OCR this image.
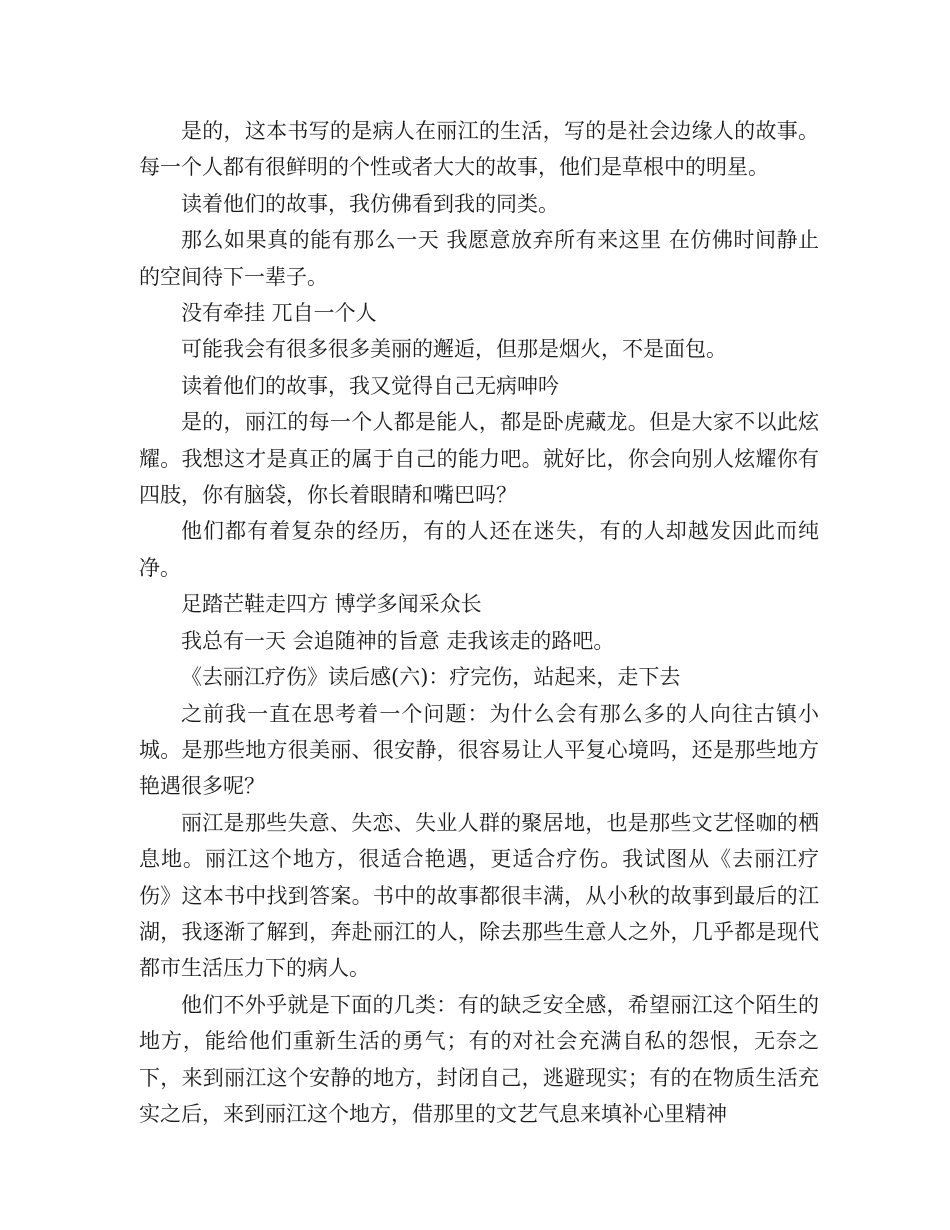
是的，这本书写的是病人在丽江的生活，写的是社会边缘人的故事。每一个人都有很鲜明的个性或者大大的故事，他们是草根中的明星。

读着他们的故事，我仿佛看到我的同类。

那么如果真的能有那么一天 我愿意放弃所有来这里 在仿佛时间静止的空间待下一辈子。

没有牵挂 兀自一个人

可能我会有很多很多美丽的邂逅，但那是烟火，不是面包。

读着他们的故事，我又觉得自己无病呻吟

是的，丽江的每一个人都是能人，都是卧虎藏龙。但是大家不以此炫耀。我想这才是真正的属于自己的能力吧。就好比，你会向别人炫耀你有四肢，你有脑袋，你长着眼睛和嘴巴吗？

他们都有着复杂的经历，有的人还在迷失，有的人却越发因此而纯净。

足踏芒鞋走四方 博学多闻采众长

我总有一天 会追随神的旨意 走我该走的路吧。

《去丽江疗伤》读后感(六)：疗完伤，站起来，走下去

之前我一直在思考着一个问题：为什么会有那么多的人向往古镇小城。是那些地方很美丽、很安静，很容易让人平复心境吗，还是那些地方艳遇很多呢？

丽江是那些失意、失恋、失业人群的聚居地，也是那些文艺怪咖的栖息地。丽江这个地方，很适合艳遇，更适合疗伤。我试图从《去丽江疗伤》这本书中找到答案。书中的故事都很丰满，从小秋的故事到最后的江湖，我逐渐了解到，奔赴丽江的人，除去那些生意人之外，几乎都是现代都市生活压力下的病人。

他们不外乎就是下面的几类：有的缺乏安全感，希望丽江这个陌生的地方，能给他们重新生活的勇气；有的对社会充满自私的怨恨，无奈之下，来到丽江这个安静的地方，封闭自己，逃避现实；有的在物质生活充实之后，来到丽江这个地方，借那里的文艺气息来填补心里精神
